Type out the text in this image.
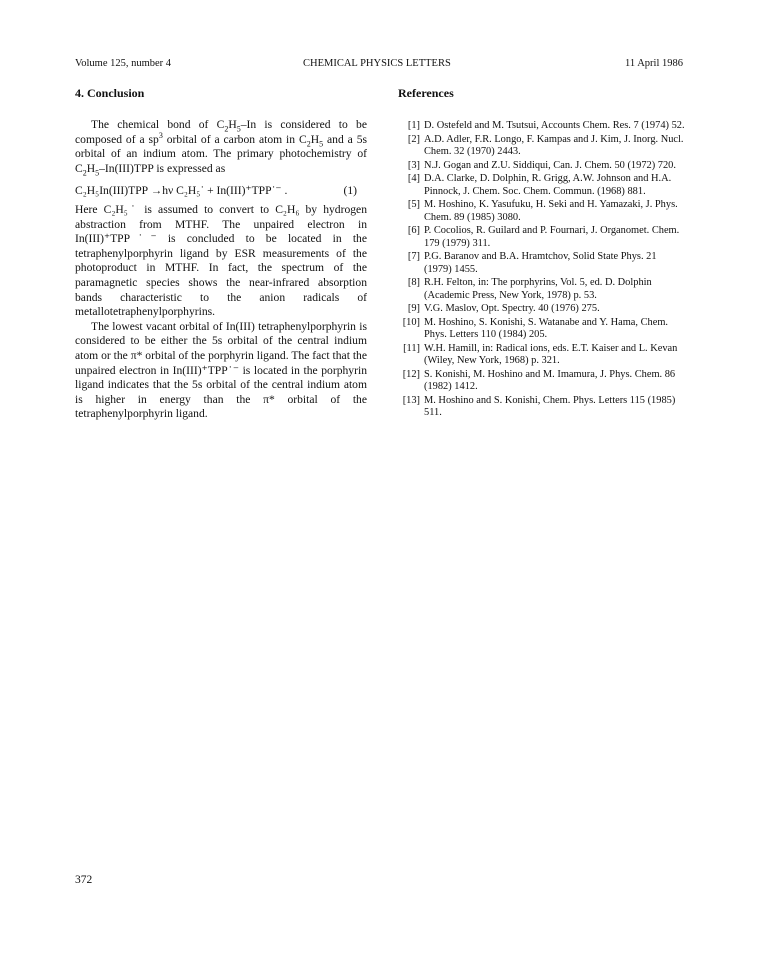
Volume 125, number 4	CHEMICAL PHYSICS LETTERS	11 April 1986
4. Conclusion

The chemical bond of $C_2H_5-In$ is considered to be composed of a $sp^3$ orbital of a carbon atom in $C_2H_5$ and a 5s orbital of an indium atom. The primary photochemistry of $C_2H_5-In(III)TPP$ is expressed as

C₂H₅In(III)TPP →hν C₂H₅˙ + In(III)⁺TPP˙⁻ .	(1)

Here C₂H₅˙ is assumed to convert to C₂H₆ by hydrogen abstraction from MTHF. The unpaired electron in In(III)⁺TPP˙⁻ is concluded to be located in the tetraphenylporphyrin ligand by ESR measurements of the photoproduct in MTHF. In fact, the spectrum of the paramagnetic species shows the near-infrared absorption bands characteristic to the anion radicals of metallotetraphenylporphyrins.

The lowest vacant orbital of In(III) tetraphenylporphyrin is considered to be either the 5s orbital of the central indium atom or the π* orbital of the porphyrin ligand. The fact that the unpaired electron in In(III)⁺TPP˙⁻ is located in the porphyrin ligand indicates that the 5s orbital of the central indium atom is higher in energy than the π* orbital of the tetraphenylporphyrin ligand.

References
[1] D. Ostefeld and M. Tsutsui, Accounts Chem. Res. 7 (1974) 52.
[2] A.D. Adler, F.R. Longo, F. Kampas and J. Kim, J. Inorg. Nucl. Chem. 32 (1970) 2443.
[3] N.J. Gogan and Z.U. Siddiqui, Can. J. Chem. 50 (1972) 720.
[4] D.A. Clarke, D. Dolphin, R. Grigg, A.W. Johnson and H.A. Pinnock, J. Chem. Soc. Chem. Commun. (1968) 881.
[5] M. Hoshino, K. Yasufuku, H. Seki and H. Yamazaki, J. Phys. Chem. 89 (1985) 3080.
[6] P. Cocolios, R. Guilard and P. Fournari, J. Organomet. Chem. 179 (1979) 311.
[7] P.G. Baranov and B.A. Hramtchov, Solid State Phys. 21 (1979) 1455.
[8] R.H. Felton, in: The porphyrins, Vol. 5, ed. D. Dolphin (Academic Press, New York, 1978) p. 53.
[9] V.G. Maslov, Opt. Spectry. 40 (1976) 275.
[10] M. Hoshino, S. Konishi, S. Watanabe and Y. Hama, Chem. Phys. Letters 110 (1984) 205.
[11] W.H. Hamill, in: Radical ions, eds. E.T. Kaiser and L. Kevan (Wiley, New York, 1968) p. 321.
[12] S. Konishi, M. Hoshino and M. Imamura, J. Phys. Chem. 86 (1982) 1412.
[13] M. Hoshino and S. Konishi, Chem. Phys. Letters 115 (1985) 511.
372
